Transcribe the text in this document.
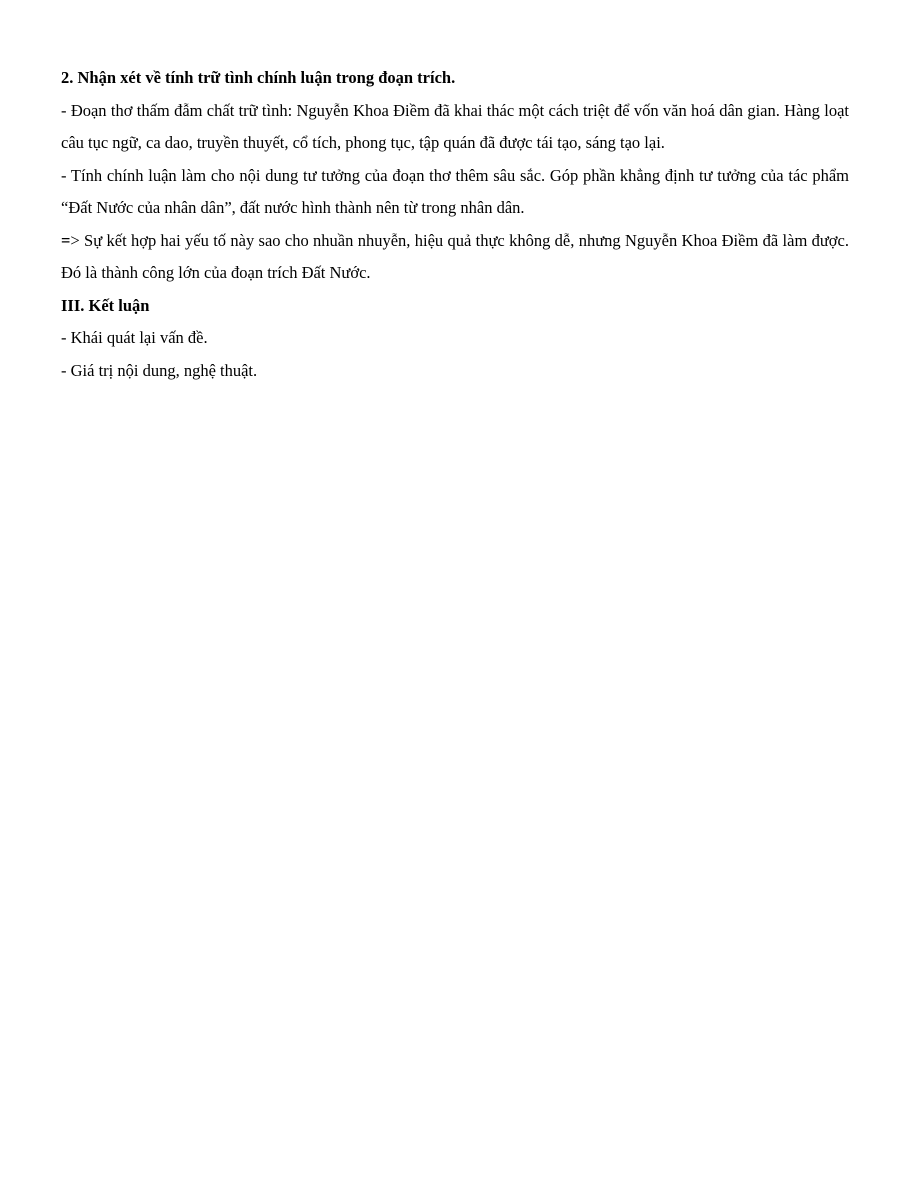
2. Nhận xét về tính trữ tình chính luận trong đoạn trích.

- Đoạn thơ thấm đẫm chất trữ tình: Nguyễn Khoa Điềm đã khai thác một cách triệt để vốn văn hoá dân gian. Hàng loạt câu tục ngữ, ca dao, truyền thuyết, cổ tích, phong tục, tập quán đã được tái tạo, sáng tạo lại.

- Tính chính luận làm cho nội dung tư tưởng của đoạn thơ thêm sâu sắc. Góp phần khẳng định tư tưởng của tác phẩm “Đất Nước của nhân dân”, đất nước hình thành nên từ trong nhân dân.

=> Sự kết hợp hai yếu tố này sao cho nhuần nhuyễn, hiệu quả thực không dễ, nhưng Nguyễn Khoa Điềm đã làm được. Đó là thành công lớn của đoạn trích Đất Nước.

III. Kết luận

- Khái quát lại vấn đề.

- Giá trị nội dung, nghệ thuật.
